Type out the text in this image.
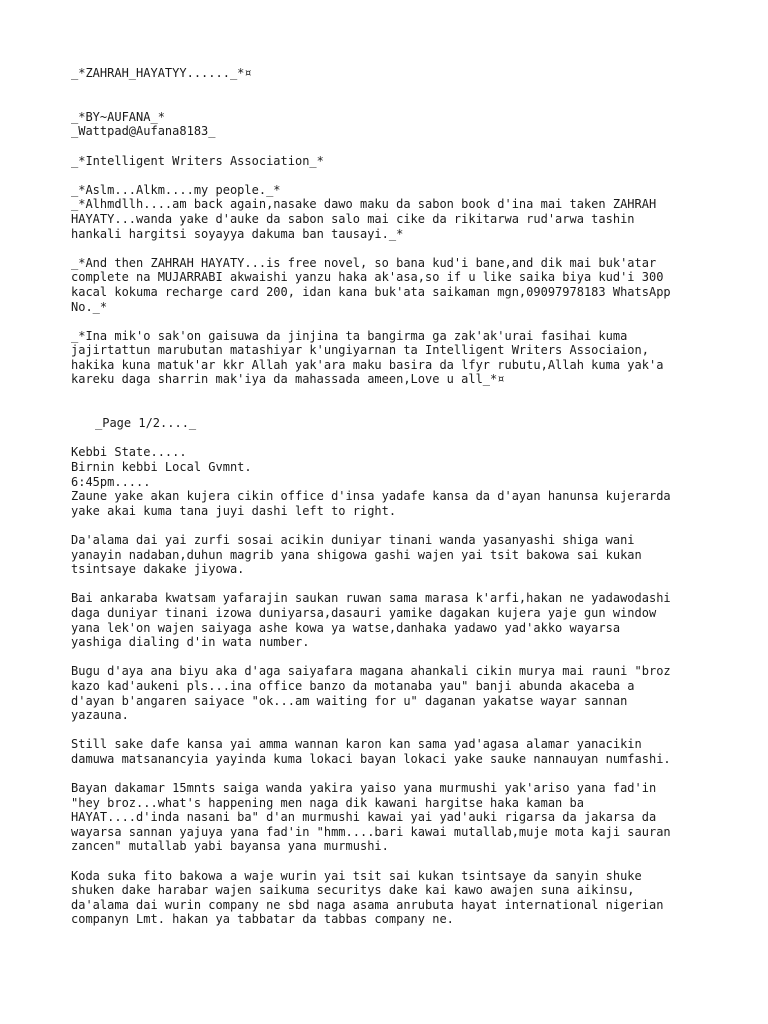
_*ZAHRAH_HAYATYY......_*¤
_*BY~AUFANA_*
_Wattpad@Aufana8183_
_*Intelligent Writers Association_*
_*Aslm...Alkm....my people._*
_*Alhmdllh....am back again,nasake dawo maku da sabon book d'ina mai taken ZAHRAH
HAYATY...wanda yake d'auke da sabon salo mai cike da rikitarwa rud'arwa tashin
hankali hargitsi soyayya dakuma ban tausayi._*
_*And then ZAHRAH HAYATY...is free novel, so bana kud'i bane,and dik mai buk'atar
complete na MUJARRABI akwaishi yanzu haka ak'asa,so if u like saika biya kud'i 300
kacal kokuma recharge card 200, idan kana buk'ata saikaman mgn,09097978183 WhatsApp
No._*
_*Ina mik'o sak'on gaisuwa da jinjina ta bangirma ga zak'ak'urai fasihai kuma
jajirtattun marubutan matashiyar k'ungiyarnan ta Intelligent Writers Associaion,
hakika kuna matuk'ar kkr Allah yak'ara maku basira da lfyr rubutu,Allah kuma yak'a
kareku daga sharrin mak'iya da mahassada ameen,Love u all_*¤
_Page 1/2...._
Kebbi State.....
Birnin kebbi Local Gvmnt.
6:45pm.....
Zaune yake akan kujera cikin office d'insa yadafe kansa da d'ayan hanunsa kujerarda
yake akai kuma tana juyi dashi left to right.
Da'alama dai yai zurfi sosai acikin duniyar tinani wanda yasanyashi shiga wani
yanayin nadaban,duhun magrib yana shigowa gashi wajen yai tsit bakowa sai kukan
tsintsaye dakake jiyowa.
Bai ankaraba kwatsam yafarajin saukan ruwan sama marasa k'arfi,hakan ne yadawodashi
daga duniyar tinani izowa duniyarsa,dasauri yamike dagakan kujera yaje gun window
yana lek'on wajen saiyaga ashe kowa ya watse,danhaka yadawo yad'akko wayarsa
yashiga dialing d'in wata number.
Bugu d'aya ana biyu aka d'aga saiyafara magana ahankali cikin murya mai rauni "broz
kazo kad'aukeni pls...ina office banzo da motanaba yau" banji abunda akaceba a
d'ayan b'angaren saiyace "ok...am waiting for u" daganan yakatse wayar sannan
yazauna.
Still sake dafe kansa yai amma wannan karon kan sama yad'agasa alamar yanacikin
damuwa matsanancyia yayinda kuma lokaci bayan lokaci yake sauke nannauyan numfashi.
Bayan dakamar 15mnts saiga wanda yakira yaiso yana murmushi yak'ariso yana fad'in
"hey broz...what's happening men naga dik kawani hargitse haka kaman ba
HAYAT....d'inda nasani ba" d'an murmushi kawai yai yad'auki rigarsa da jakarsa da
wayarsa sannan yajuya yana fad'in "hmm....bari kawai mutallab,muje mota kaji sauran
zancen" mutallab yabi bayansa yana murmushi.
Koda suka fito bakowa a waje wurin yai tsit sai kukan tsintsaye da sanyin shuke
shuken dake harabar wajen saikuma securitys dake kai kawo awajen suna aikinsu,
da'alama dai wurin company ne sbd naga asama anrubuta hayat international nigerian
companyn Lmt. hakan ya tabbatar da tabbas company ne.
